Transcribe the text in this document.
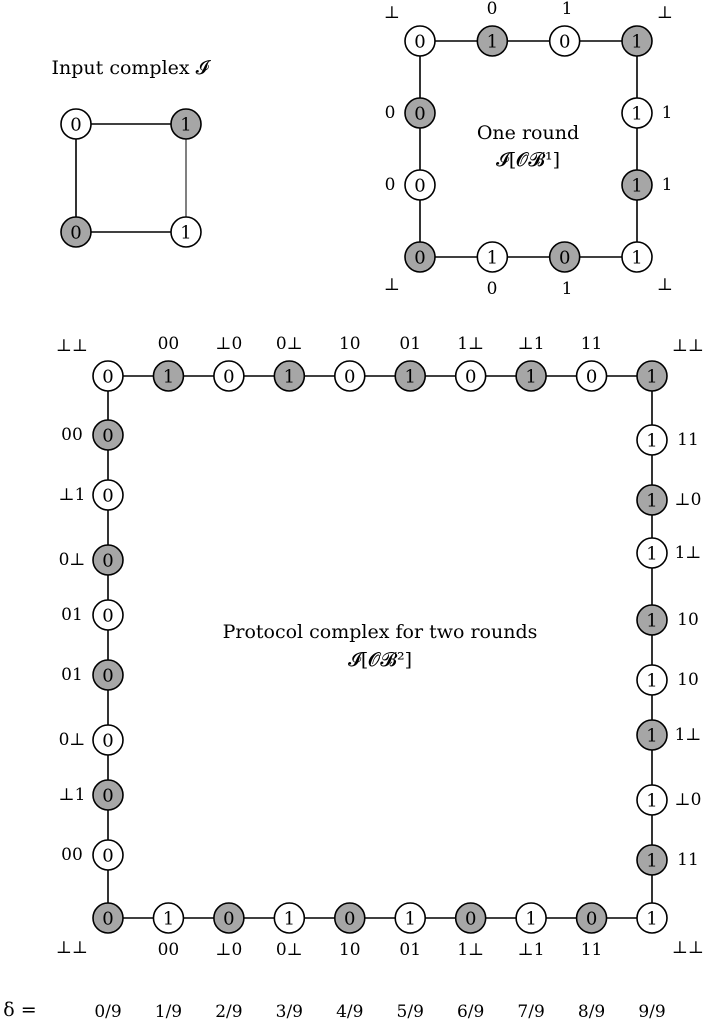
Input complex 𝓘
0	1
0	1
One round
𝓘[𝓞𝓑¹]
0	1	0	1
0	1	0	1
0
0
0
0
1 1
1 1
0	1
0	1
⊥	⊥
⊥	⊥
Protocol complex for two rounds
𝓘[𝓞𝓑²]
0	1	0	1	0	1	0	1	0	1
0	1	0	1	0	1	0	1	0	1
0
00
0
⊥1
0
0⊥
0
01
0
01
0
0⊥
0
⊥1
0
00
1 11
1 ⊥0
1 1⊥
1 10
1 10
1 1⊥
1 ⊥0
1 11
00 ⊥0 0⊥ 10 01 1⊥ ⊥1 11
00 ⊥0 0⊥ 10 01 1⊥ ⊥1 11
⊥⊥	⊥⊥
⊥⊥	⊥⊥
δ =	0/9 1/9 2/9 3/9 4/9 5/9 6/9 7/9 8/9 9/9
